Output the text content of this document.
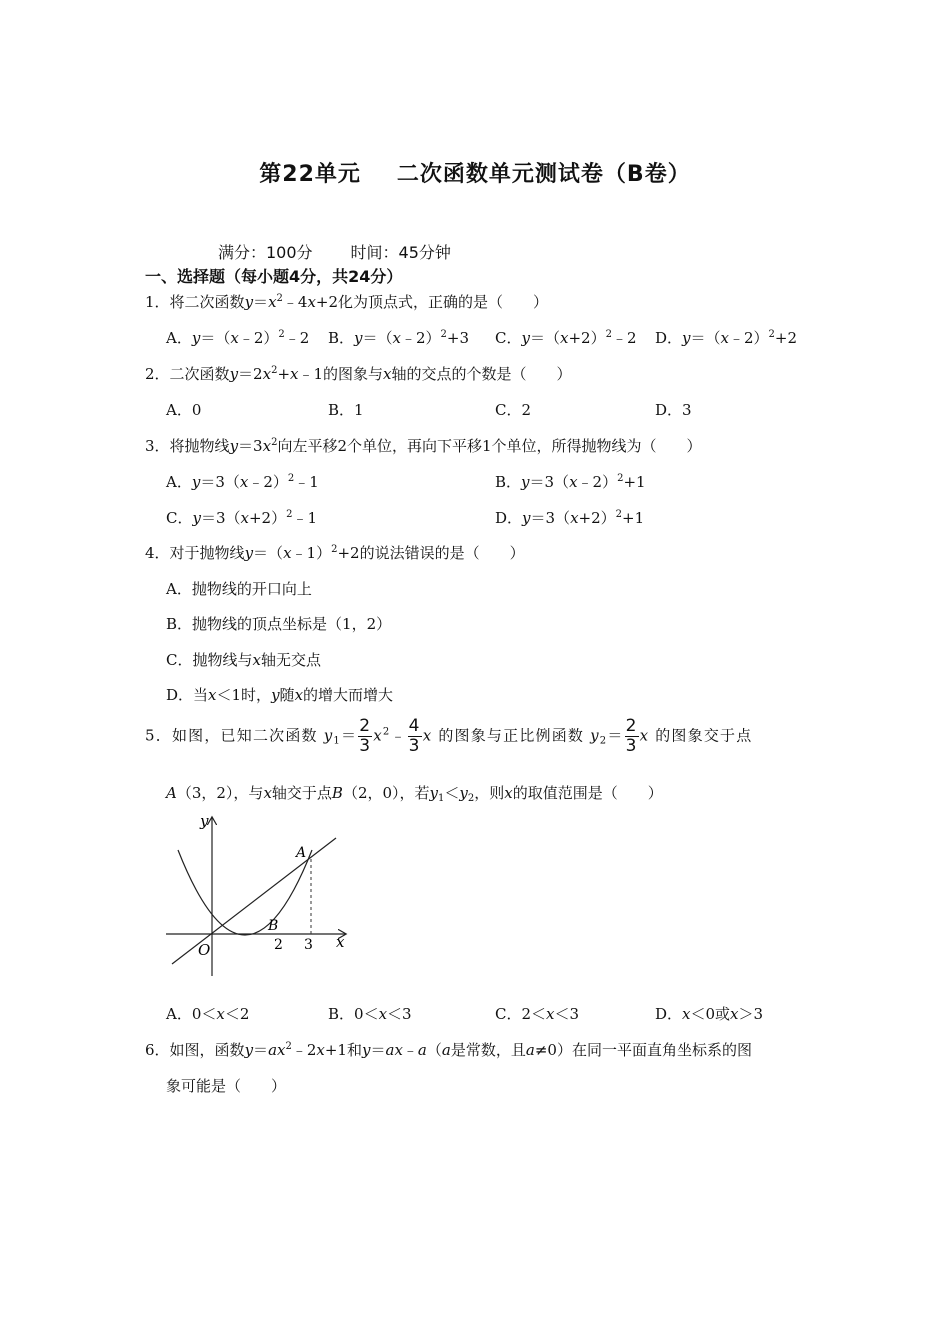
第22单元 二次函数单元测试卷（B卷）
满分：100分 时间：45分钟
一、选择题（每小题4分，共24分）
1．将二次函数$y=x^2﹣4x+2$化为顶点式，正确的是（　　）
A．y＝（x﹣2）$^2$﹣2 B．y＝（x﹣2）$^2$+3 C．$y=(x+2)^2﹣2$ D．y＝（x﹣2）$^2$+2
2．二次函数$y=2x^2+x﹣1$的图象与x轴的交点的个数是（　　）
A．0	B．1	C．2	D．3
3．将抛物线$y=3x^2$向左平移2个单位，再向下平移1个单位，所得抛物线为（　　）
A．y＝3（x﹣2）$^2$﹣1	B．y＝3（x﹣2）$^2$+1
C．$y=3(x+2)^2﹣1$	D．$y=3(x+2)^2+1$
4．对于抛物线y＝（x﹣1）$^2$+2的说法错误的是（　　）
A．抛物线的开口向上
B．抛物线的顶点坐标是（1，2）
C．抛物线与x轴无交点
D．当x＜1时，y随x的增大而增大
5．如图，已知二次函数 $y_1= \frac{2}{3}$ $x^2﹣ \frac{4}{3}$ x 的图象与正比例函数 $y_2= \frac{2}{3}$ x 的图象交于点
A（3，2），与x轴交于点B（2，0），若$y_1<y_2$，则x的取值范围是（　　）
y
x
O
A
B
2 3
A．0＜x＜2	B．0＜x＜3	C．2＜x＜3	D．x＜0或x＞3
6．如图，函数$y=ax^2﹣2x+1$和y＝ax﹣a（a是常数，且a≠0）在同一平面直角坐标系的图
象可能是（　　）
